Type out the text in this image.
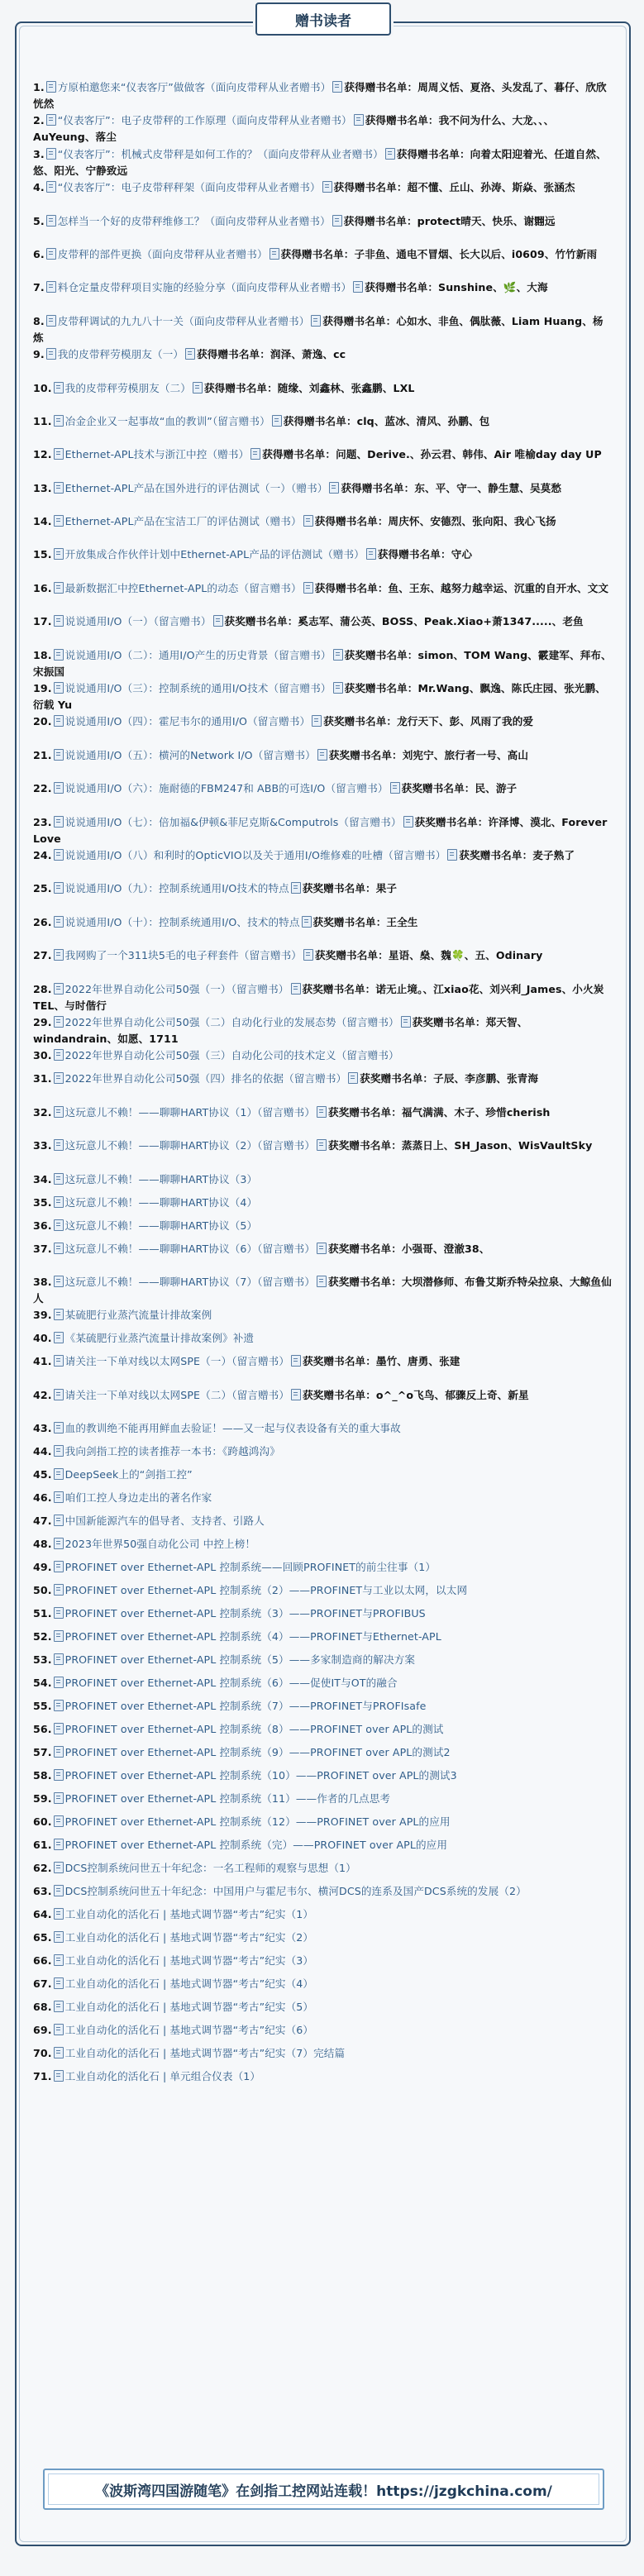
赠书读者
1. 方原柏邀您来“仪表客厅”做做客（面向皮带秤从业者赠书） 获得赠书名单：周周义恬、夏洛、头发乱了、暮仔、欣欣恍然
2. “仪表客厅”：电子皮带秤的工作原理（面向皮带秤从业者赠书） 获得赠书名单：我不问为什么、大龙、、、AuYeung、落尘
3. “仪表客厅”：机械式皮带秤是如何工作的？（面向皮带秤从业者赠书） 获得赠书名单：向着太阳迎着光、任道自然、悠、阳光、宁静致远
4. “仪表客厅”：电子皮带秤秤架（面向皮带秤从业者赠书） 获得赠书名单：超不懂、丘山、孙涛、斯焱、张涵杰
5. 怎样当一个好的皮带秤维修工？（面向皮带秤从业者赠书） 获得赠书名单：protect晴天、快乐、谢翾远
6. 皮带秤的部件更换（面向皮带秤从业者赠书） 获得赠书名单：子非鱼、通电不冒烟、长大以后、i0609、竹竹新雨
7. 料仓定量皮带秤项目实施的经验分享（面向皮带秤从业者赠书） 获得赠书名单：Sunshine、🌿、大海
8. 皮带秤调试的九九八十一关（面向皮带秤从业者赠书） 获得赠书名单：心如水、非鱼、偶肽薇、Liam Huang、杨炼
9. 我的皮带秤劳模朋友（一） 获得赠书名单：润泽、萧逸、cc
10. 我的皮带秤劳模朋友（二） 获得赠书名单：随缘、刘鑫林、张鑫鹏、LXL
11. 冶金企业又一起事故“血的教训”（留言赠书） 获得赠书名单：clq、蓝冰、清风、孙鹏、包
12. Ethernet-APL技术与浙江中控（赠书） 获得赠书名单：问题、Derive.、孙云君、韩伟、Air 唯榆day day UP
13. Ethernet-APL产品在国外进行的评估测试（一）（赠书） 获得赠书名单：东、平、守一、静生慧、吴莫愁
14. Ethernet-APL产品在宝洁工厂的评估测试（赠书） 获得赠书名单：周庆怀、安德烈、张向阳、我心飞扬
15. 开放集成合作伙伴计划中Ethernet-APL产品的评估测试（赠书） 获得赠书名单：守心
16. 最新数据汇中控Ethernet-APL的动态（留言赠书） 获得赠书名单：鱼、王东、越努力越幸运、沉重的自开水、文文
17. 说说通用I/O（一）（留言赠书） 获奖赠书名单：奚志军、蒲公英、BOSS、Peak.Xiao+萧1347.....、老鱼
18. 说说通用I/O（二）：通用I/O产生的历史背景（留言赠书） 获奖赠书名单：simon、TOM Wang、霰建军、拜布、宋振国
19. 说说通用I/O（三）：控制系统的通用I/O技术（留言赠书） 获奖赠书名单：Mr.Wang、飘逸、陈氏庄园、张光鹏、衍载 Yu
20. 说说通用I/O（四）：霍尼韦尔的通用I/O（留言赠书） 获奖赠书名单：龙行天下、彭、风雨了我的爱
21. 说说通用I/O（五）：横河的Network I/O（留言赠书） 获奖赠书名单：刘宪宁、旅行者一号、高山
22. 说说通用I/O（六）：施耐德的FBM247和 ABB的可选I/O（留言赠书） 获奖赠书名单：民、游子
23. 说说通用I/O（七）：倍加福&伊顿&菲尼克斯&Computrols（留言赠书） 获奖赠书名单：许泽博、漠北、Forever Love
24. 说说通用I/O（八）和利时的OpticVIO以及关于通用I/O维修难的吐槽（留言赠书） 获奖赠书名单：麦子熟了
25. 说说通用I/O（九）：控制系统通用I/O技术的特点 获奖赠书名单：果子
26. 说说通用I/O（十）：控制系统通用I/O、技术的特点 获奖赠书名单：王全生
27. 我网购了一个311块5毛的电子秤套件（留言赠书） 获奖赠书名单：星语、燊、魏🍀、五、Odinary
28. 2022年世界自动化公司50强（一）（留言赠书） 获奖赠书名单：诺无止境。、江xiao花、刘兴利_James、小火炭TEL、与时偕行
29. 2022年世界自动化公司50强（二）自动化行业的发展态势（留言赠书） 获奖赠书名单：郑天智、windandrain、如愿、1711
30. 2022年世界自动化公司50强（三）自动化公司的技术定义（留言赠书）
31. 2022年世界自动化公司50强（四）排名的依据（留言赠书） 获奖赠书名单：子辰、李彦鹏、张青海
32. 这玩意儿不赖！——聊聊HART协议（1）（留言赠书） 获奖赠书名单：福气满满、木子、珍惜cherish
33. 这玩意儿不赖！——聊聊HART协议（2）（留言赠书） 获奖赠书名单：蒸蒸日上、SH_Jason、WisVaultSky
34. 这玩意儿不赖！——聊聊HART协议（3）
35. 这玩意儿不赖！——聊聊HART协议（4）
36. 这玩意儿不赖！——聊聊HART协议（5）
37. 这玩意儿不赖！——聊聊HART协议（6）（留言赠书） 获奖赠书名单：小强哥、澄澈38、
38. 这玩意儿不赖！——聊聊HART协议（7）（留言赠书） 获奖赠书名单：大坝潜修师、布鲁艾斯乔特朵拉泉、大鲸鱼仙人
39. 某硫肥行业蒸汽流量计排故案例
40. 《某硫肥行业蒸汽流量计排故案例》补遗
41. 请关注一下单对线以太网SPE（一）（留言赠书） 获奖赠书名单：墨竹、唐勇、张建
42. 请关注一下单对线以太网SPE（二）（留言赠书） 获奖赠书名单：o^_^o飞鸟、郁骤反上奇、新星
43. 血的教训绝不能再用鲜血去验证！——又一起与仪表设备有关的重大事故
44. 我向剑指工控的读者推荐一本书：《跨越鸿沟》
45. DeepSeek上的“剑指工控”
46. 咱们工控人身边走出的著名作家
47. 中国新能源汽车的倡导者、支持者、引路人
48. 2023年世界50强自动化公司 中控上榜！
49. PROFINET over Ethernet-APL 控制系统——回顾PROFINET的前尘往事（1）
50. PROFINET over Ethernet-APL 控制系统（2）——PROFINET与工业以太网，以太网
51. PROFINET over Ethernet-APL 控制系统（3）——PROFINET与PROFIBUS
52. PROFINET over Ethernet-APL 控制系统（4）——PROFINET与Ethernet-APL
53. PROFINET over Ethernet-APL 控制系统（5）——多家制造商的解决方案
54. PROFINET over Ethernet-APL 控制系统（6）——促使IT与OT的融合
55. PROFINET over Ethernet-APL 控制系统（7）——PROFINET与PROFIsafe
56. PROFINET over Ethernet-APL 控制系统（8）——PROFINET over APL的测试
57. PROFINET over Ethernet-APL 控制系统（9）——PROFINET over APL的测试2
58. PROFINET over Ethernet-APL 控制系统（10）——PROFINET over APL的测试3
59. PROFINET over Ethernet-APL 控制系统（11）——作者的几点思考
60. PROFINET over Ethernet-APL 控制系统（12）——PROFINET over APL的应用
61. PROFINET over Ethernet-APL 控制系统（完）——PROFINET over APL的应用
62. DCS控制系统问世五十年纪念：一名工程师的观察与思想（1）
63. DCS控制系统问世五十年纪念：中国用户与霍尼韦尔、横河DCS的连系及国产DCS系统的发展（2）
64. 工业自动化的活化石 | 基地式调节器“考古”纪实（1）
65. 工业自动化的活化石 | 基地式调节器“考古”纪实（2）
66. 工业自动化的活化石 | 基地式调节器“考古”纪实（3）
67. 工业自动化的活化石 | 基地式调节器“考古”纪实（4）
68. 工业自动化的活化石 | 基地式调节器“考古”纪实（5）
69. 工业自动化的活化石 | 基地式调节器“考古”纪实（6）
70. 工业自动化的活化石 | 基地式调节器“考古”纪实（7）完结篇
71. 工业自动化的活化石 | 单元组合仪表（1）
《波斯湾四国游随笔》在剑指工控网站连载！https://jzgkchina.com/
